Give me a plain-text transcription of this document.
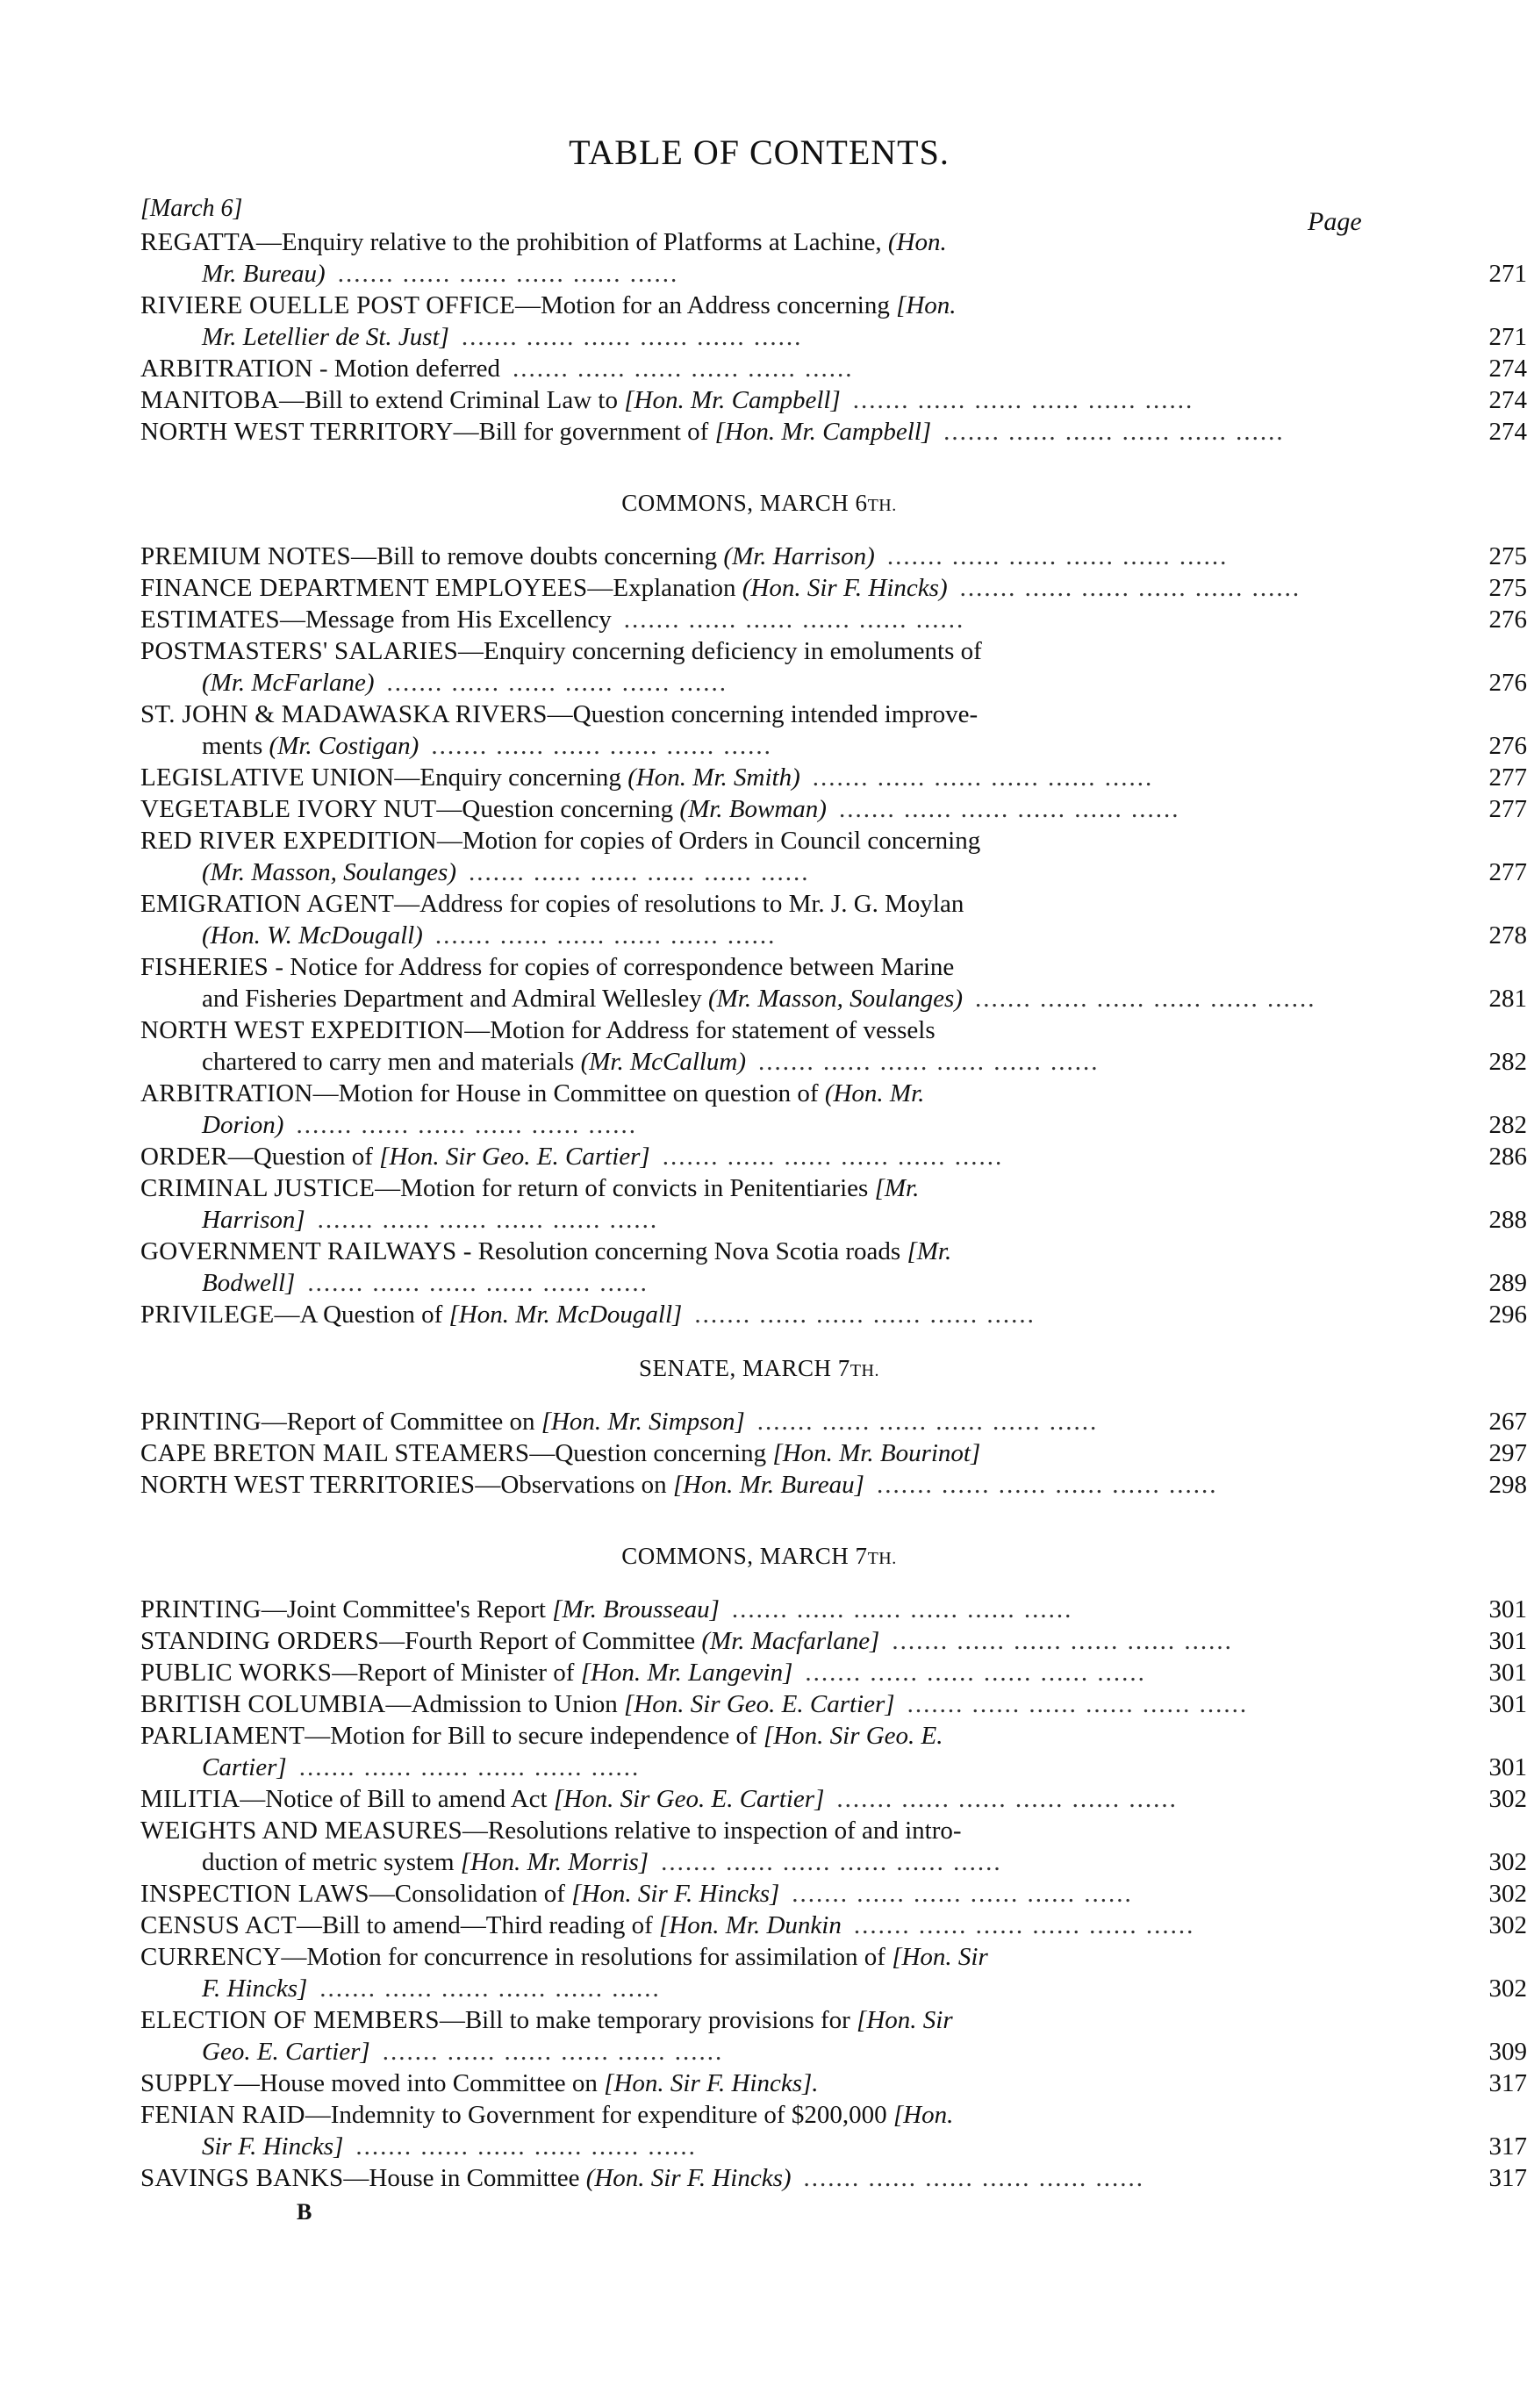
TABLE OF CONTENTS.
[March 6]	Page
REGATTA—Enquiry relative to the prohibition of Platforms at Lachine, (Hon.
Mr. Bureau) ....... ...... ...... ...... ...... ......	271
RIVIERE OUELLE POST OFFICE—Motion for an Address concerning [Hon.
Mr. Letellier de St. Just] ....... ...... ...... ...... ...... ......	271
ARBITRATION - Motion deferred ....... ...... ...... ...... ...... ......	274
MANITOBA—Bill to extend Criminal Law to [Hon. Mr. Campbell] ....... ...... ...... ...... ...... ......	274
NORTH WEST TERRITORY—Bill for government of [Hon. Mr. Campbell] ....... ...... ...... ...... ...... ......	274
COMMONS, MARCH 6TH.
PREMIUM NOTES—Bill to remove doubts concerning (Mr. Harrison) ....... ...... ...... ...... ...... ......	275
FINANCE DEPARTMENT EMPLOYEES—Explanation (Hon. Sir F. Hincks) ....... ...... ...... ...... ...... ......	275
ESTIMATES—Message from His Excellency ....... ...... ...... ...... ...... ......	276
POSTMASTERS' SALARIES—Enquiry concerning deficiency in emoluments of
(Mr. McFarlane) ....... ...... ...... ...... ...... ......	276
ST. JOHN & MADAWASKA RIVERS—Question concerning intended improve-
ments (Mr. Costigan) ....... ...... ...... ...... ...... ......	276
LEGISLATIVE UNION—Enquiry concerning (Hon. Mr. Smith) ....... ...... ...... ...... ...... ......	277
VEGETABLE IVORY NUT—Question concerning (Mr. Bowman) ....... ...... ...... ...... ...... ......	277
RED RIVER EXPEDITION—Motion for copies of Orders in Council concerning
(Mr. Masson, Soulanges) ....... ...... ...... ...... ...... ......	277
EMIGRATION AGENT—Address for copies of resolutions to Mr. J. G. Moylan
(Hon. W. McDougall) ....... ...... ...... ...... ...... ......	278
FISHERIES - Notice for Address for copies of correspondence between Marine
and Fisheries Department and Admiral Wellesley (Mr. Masson, Soulanges) ....... ...... ...... ...... ...... ......	281
NORTH WEST EXPEDITION—Motion for Address for statement of vessels
chartered to carry men and materials (Mr. McCallum) ....... ...... ...... ...... ...... ......	282
ARBITRATION—Motion for House in Committee on question of (Hon. Mr.
Dorion) ....... ...... ...... ...... ...... ......	282
ORDER—Question of [Hon. Sir Geo. E. Cartier] ....... ...... ...... ...... ...... ......	286
CRIMINAL JUSTICE—Motion for return of convicts in Penitentiaries [Mr.
Harrison] ....... ...... ...... ...... ...... ......	288
GOVERNMENT RAILWAYS - Resolution concerning Nova Scotia roads [Mr.
Bodwell] ....... ...... ...... ...... ...... ......	289
PRIVILEGE—A Question of [Hon. Mr. McDougall] ....... ...... ...... ...... ...... ......	296
SENATE, MARCH 7TH.
PRINTING—Report of Committee on [Hon. Mr. Simpson] ....... ...... ...... ...... ...... ......	267
CAPE BRETON MAIL STEAMERS—Question concerning [Hon. Mr. Bourinot]	297
NORTH WEST TERRITORIES—Observations on [Hon. Mr. Bureau] ....... ...... ...... ...... ...... ......	298
COMMONS, MARCH 7TH.
PRINTING—Joint Committee's Report [Mr. Brousseau] ....... ...... ...... ...... ...... ......	301
STANDING ORDERS—Fourth Report of Committee (Mr. Macfarlane] ....... ...... ...... ...... ...... ......	301
PUBLIC WORKS—Report of Minister of [Hon. Mr. Langevin] ....... ...... ...... ...... ...... ......	301
BRITISH COLUMBIA—Admission to Union [Hon. Sir Geo. E. Cartier] ....... ...... ...... ...... ...... ......	301
PARLIAMENT—Motion for Bill to secure independence of [Hon. Sir Geo. E.
Cartier] ....... ...... ...... ...... ...... ......	301
MILITIA—Notice of Bill to amend Act [Hon. Sir Geo. E. Cartier] ....... ...... ...... ...... ...... ......	302
WEIGHTS AND MEASURES—Resolutions relative to inspection of and intro-
duction of metric system [Hon. Mr. Morris] ....... ...... ...... ...... ...... ......	302
INSPECTION LAWS—Consolidation of [Hon. Sir F. Hincks] ....... ...... ...... ...... ...... ......	302
CENSUS ACT—Bill to amend—Third reading of [Hon. Mr. Dunkin ....... ...... ...... ...... ...... ......	302
CURRENCY—Motion for concurrence in resolutions for assimilation of [Hon. Sir
F. Hincks] ....... ...... ...... ...... ...... ......	302
ELECTION OF MEMBERS—Bill to make temporary provisions for [Hon. Sir
Geo. E. Cartier] ....... ...... ...... ...... ...... ......	309
SUPPLY—House moved into Committee on [Hon. Sir F. Hincks].	317
FENIAN RAID—Indemnity to Government for expenditure of $200,000 [Hon.
Sir F. Hincks] ....... ...... ...... ...... ...... ......	317
SAVINGS BANKS—House in Committee (Hon. Sir F. Hincks) ....... ...... ...... ...... ...... ......	317
B
